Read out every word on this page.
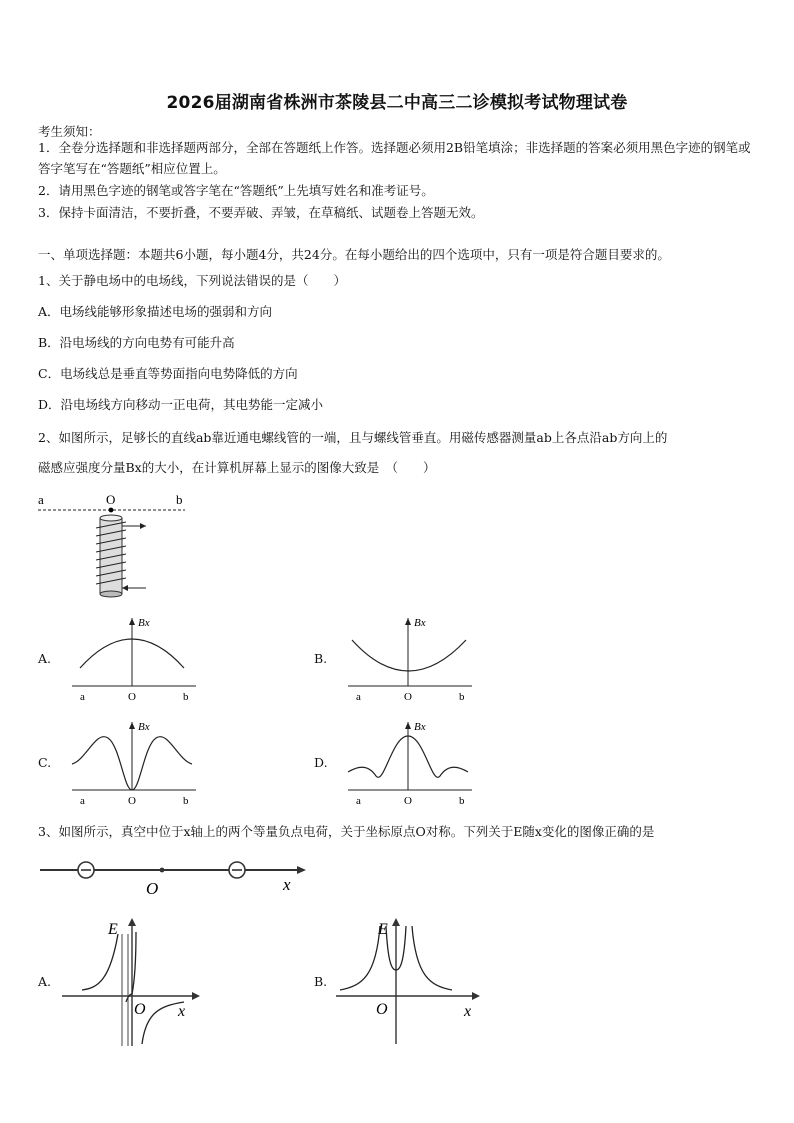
2026届湖南省株洲市茶陵县二中高三二诊模拟考试物理试卷
考生须知：
1．全卷分选择题和非选择题两部分，全部在答题纸上作答。选择题必须用2B铅笔填涂；非选择题的答案必须用黑色字迹的钢笔或答字笔写在“答题纸”相应位置上。
2．请用黑色字迹的钢笔或答字笔在“答题纸”上先填写姓名和准考证号。
3．保持卡面清洁，不要折叠，不要弄破、弄皱，在草稿纸、试题卷上答题无效。
一、单项选择题：本题共6小题，每小题4分，共24分。在每小题给出的四个选项中，只有一项是符合题目要求的。
1、关于静电场中的电场线，下列说法错误的是（　　）
A．电场线能够形象描述电场的强弱和方向
B．沿电场线的方向电势有可能升高
C．电场线总是垂直等势面指向电势降低的方向
D．沿电场线方向移动一正电荷，其电势能一定减小
2、如图所示，足够长的直线ab靠近通电螺线管的一端，且与螺线管垂直。用磁传感器测量ab上各点沿ab方向上的
磁感应强度分量Bx的大小，在计算机屏幕上显示的图像大致是　（　　）
a	O	b
A.	B.
C.	D.
Bx
a	O	b
Bx
a	O	b
Bx
a	O	b
Bx
a	O	b
3、如图所示，真空中位于x轴上的两个等量负点电荷，关于坐标原点O对称。下列关于E随x变化的图像正确的是
O	x
A.	B.
E
O x
E
O	x
